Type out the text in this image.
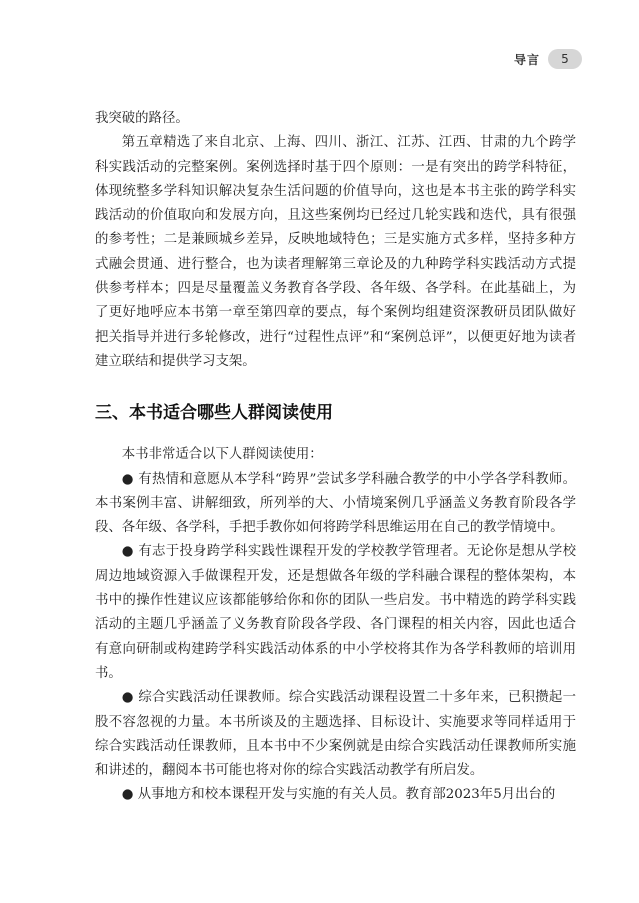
导言	5

我突破的路径。

第五章精选了来自北京、上海、四川、浙江、江苏、江西、甘肃的九个跨学科实践活动的完整案例。案例选择时基于四个原则：一是有突出的跨学科特征，体现统整多学科知识解决复杂生活问题的价值导向，这也是本书主张的跨学科实践活动的价值取向和发展方向，且这些案例均已经过几轮实践和迭代，具有很强的参考性；二是兼顾城乡差异，反映地域特色；三是实施方式多样，坚持多种方式融会贯通、进行整合，也为读者理解第三章论及的九种跨学科实践活动方式提供参考样本；四是尽量覆盖义务教育各学段、各年级、各学科。在此基础上，为了更好地呼应本书第一章至第四章的要点，每个案例均组建资深教研员团队做好把关指导并进行多轮修改，进行“过程性点评”和“案例总评”，以便更好地为读者建立联结和提供学习支架。

三、本书适合哪些人群阅读使用

本书非常适合以下人群阅读使用：

● 有热情和意愿从本学科“跨界”尝试多学科融合教学的中小学各学科教师。本书案例丰富、讲解细致，所列举的大、小情境案例几乎涵盖义务教育阶段各学段、各年级、各学科，手把手教你如何将跨学科思维运用在自己的教学情境中。

● 有志于投身跨学科实践性课程开发的学校教学管理者。无论你是想从学校周边地域资源入手做课程开发，还是想做各年级的学科融合课程的整体架构，本书中的操作性建议应该都能够给你和你的团队一些启发。书中精选的跨学科实践活动的主题几乎涵盖了义务教育阶段各学段、各门课程的相关内容，因此也适合有意向研制或构建跨学科实践活动体系的中小学校将其作为各学科教师的培训用书。

● 综合实践活动任课教师。综合实践活动课程设置二十多年来，已积攒起一股不容忽视的力量。本书所谈及的主题选择、目标设计、实施要求等同样适用于综合实践活动任课教师，且本书中不少案例就是由综合实践活动任课教师所实施和讲述的，翻阅本书可能也将对你的综合实践活动教学有所启发。

● 从事地方和校本课程开发与实施的有关人员。教育部2023年5月出台的
